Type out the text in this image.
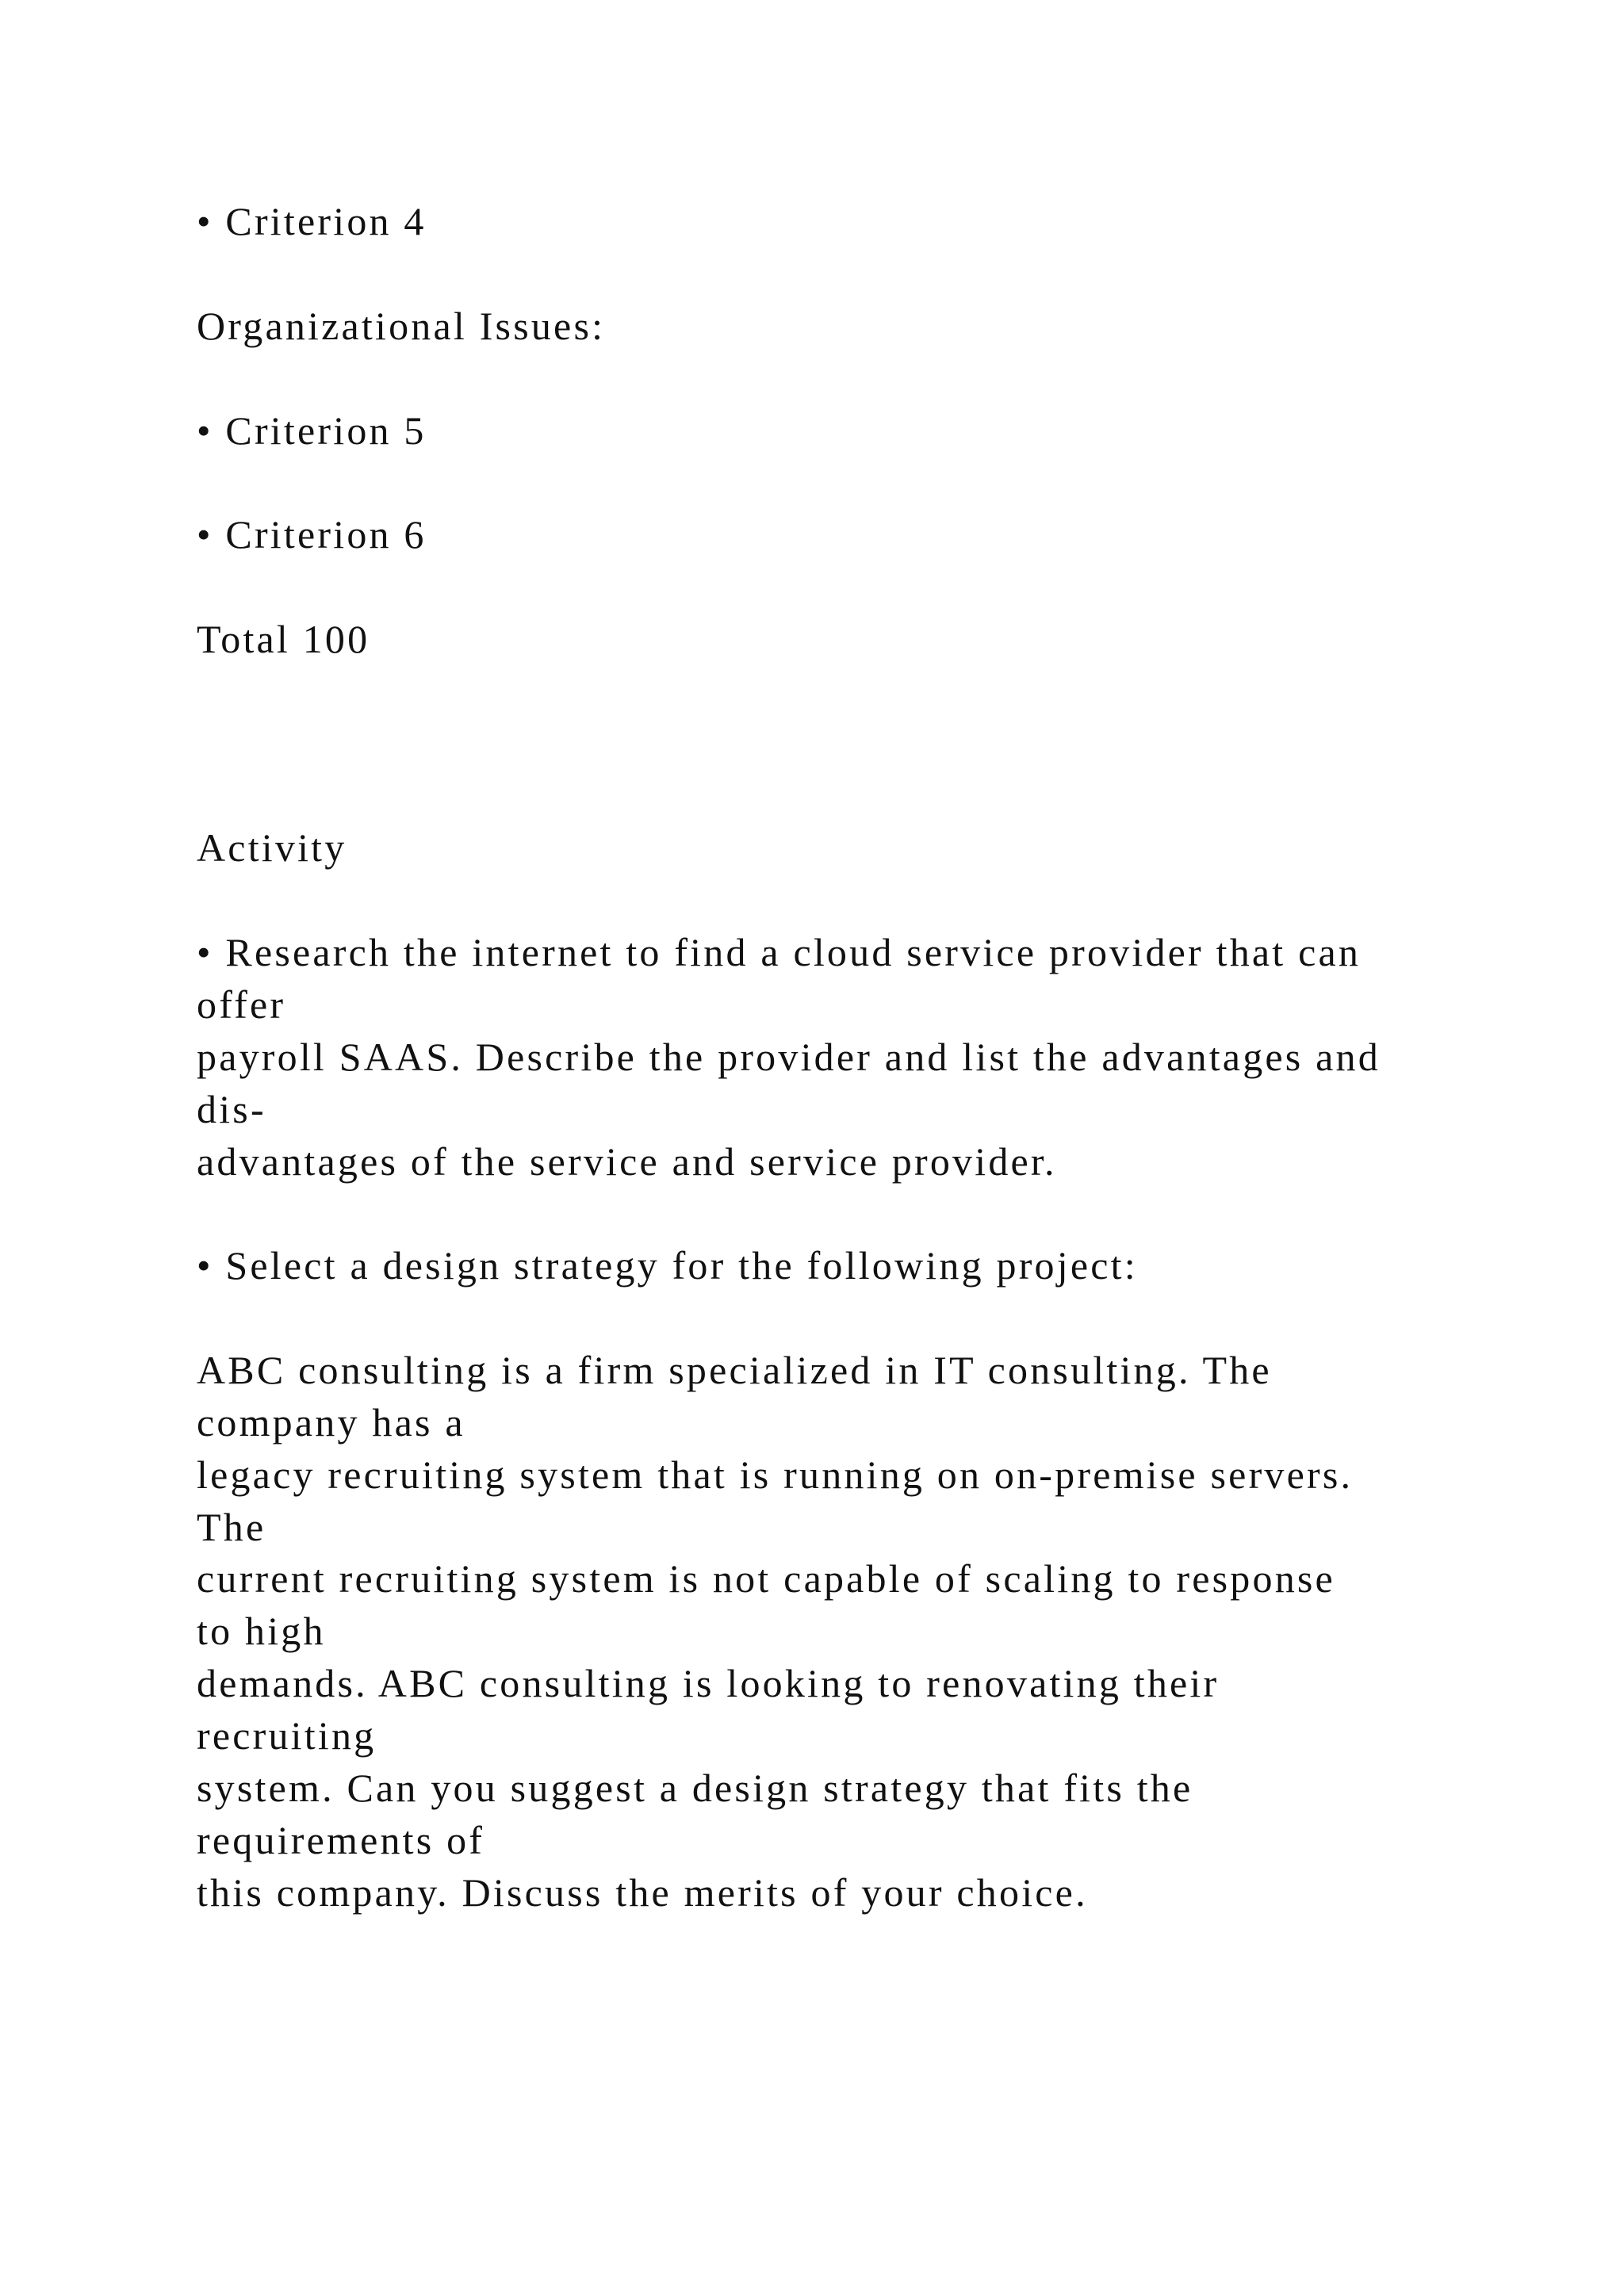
• Criterion 4

Organizational Issues:

• Criterion 5

• Criterion 6

Total 100

Activity

• Research the internet to find a cloud service provider that can

offer

payroll SAAS. Describe the provider and list the advantages and

dis-

advantages of the service and service provider.

• Select a design strategy for the following project:

ABC consulting is a firm specialized in IT consulting. The

company has a

legacy recruiting system that is running on on-premise servers.

The

current recruiting system is not capable of scaling to response

to high

demands. ABC consulting is looking to renovating their

recruiting

system. Can you suggest a design strategy that fits the

requirements of

this company. Discuss the merits of your choice.
